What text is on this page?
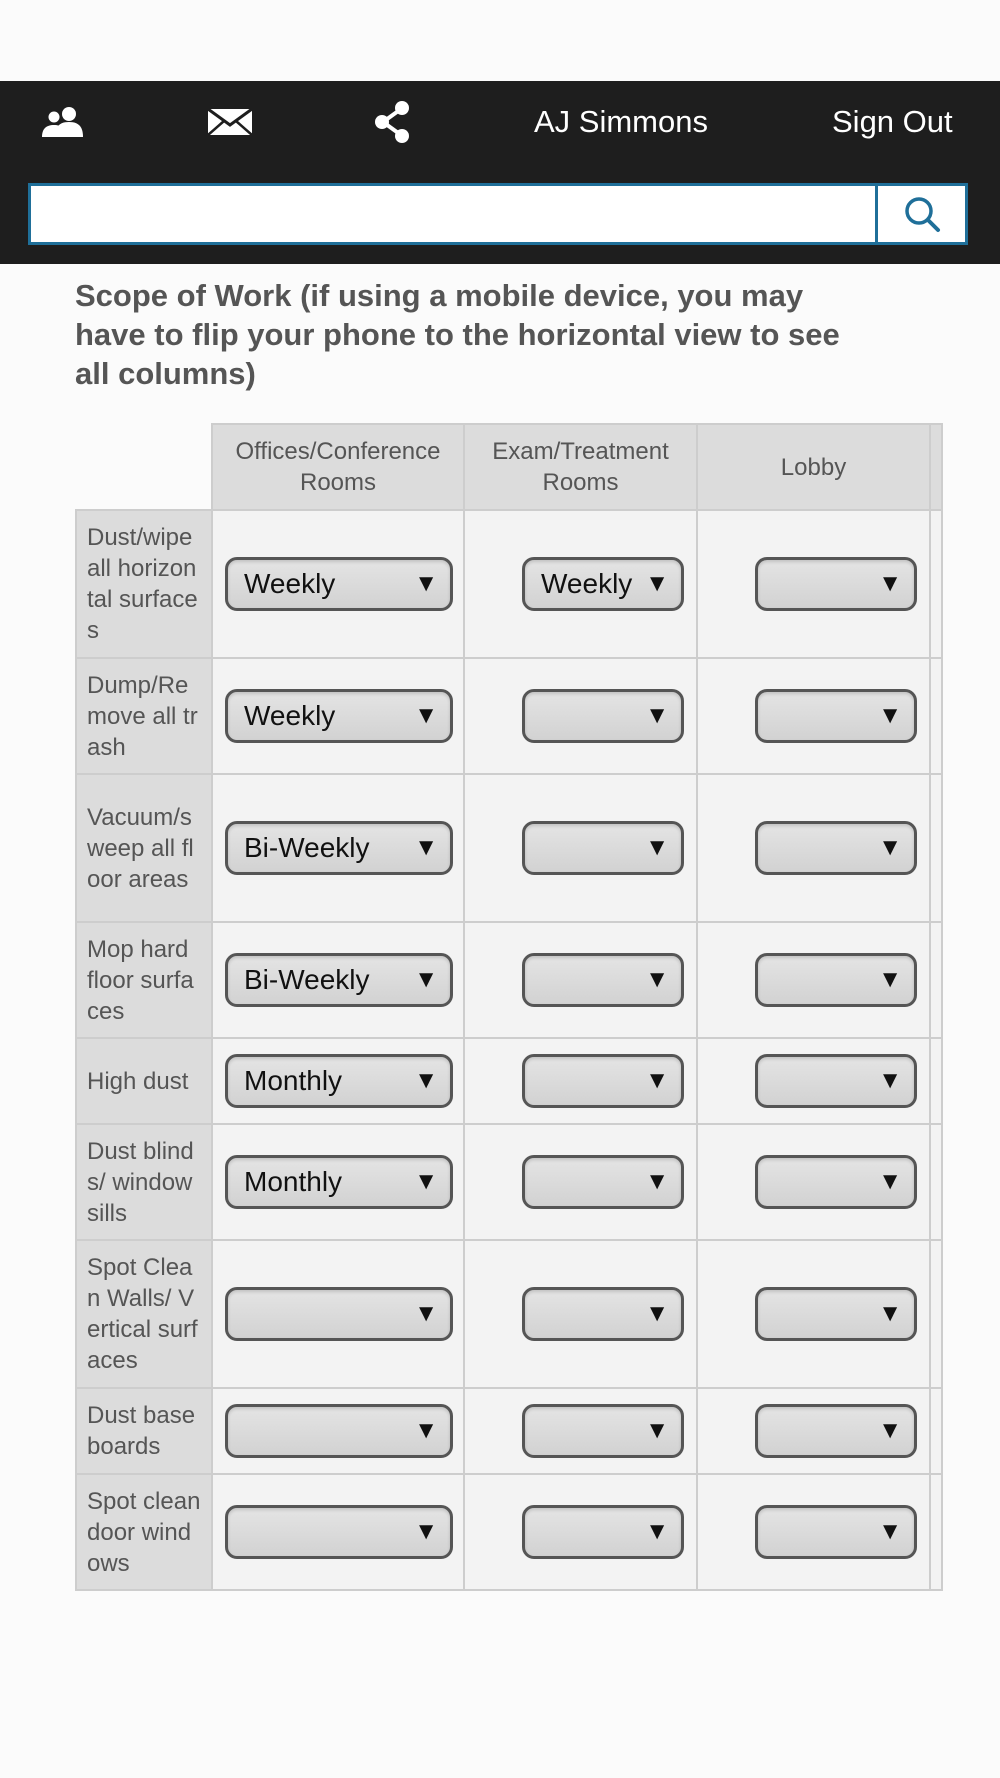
AJ Simmons	Sign Out
Scope of Work (if using a mobile device, you may have to flip your phone to the horizontal view to see all columns)
	Offices/Conference Rooms	Exam/Treatment Rooms	Lobby	
Dust/wipe all horizontal surfaces	Weekly ▼	Weekly ▼	▼	

Dump/Remove all trash	Weekly ▼	▼	▼	

Vacuum/sweep all floor areas	Bi-Weekly ▼	▼	▼	

Mop hard floor surfaces	Bi-Weekly ▼	▼	▼	

High dust	Monthly ▼	▼	▼	

Dust blinds/ window sills	Monthly ▼	▼	▼	

Spot Clean Walls/ Vertical surfaces	▼	▼	▼	

Dust baseboards	▼	▼	▼	

Spot clean door windows	▼	▼	▼	
